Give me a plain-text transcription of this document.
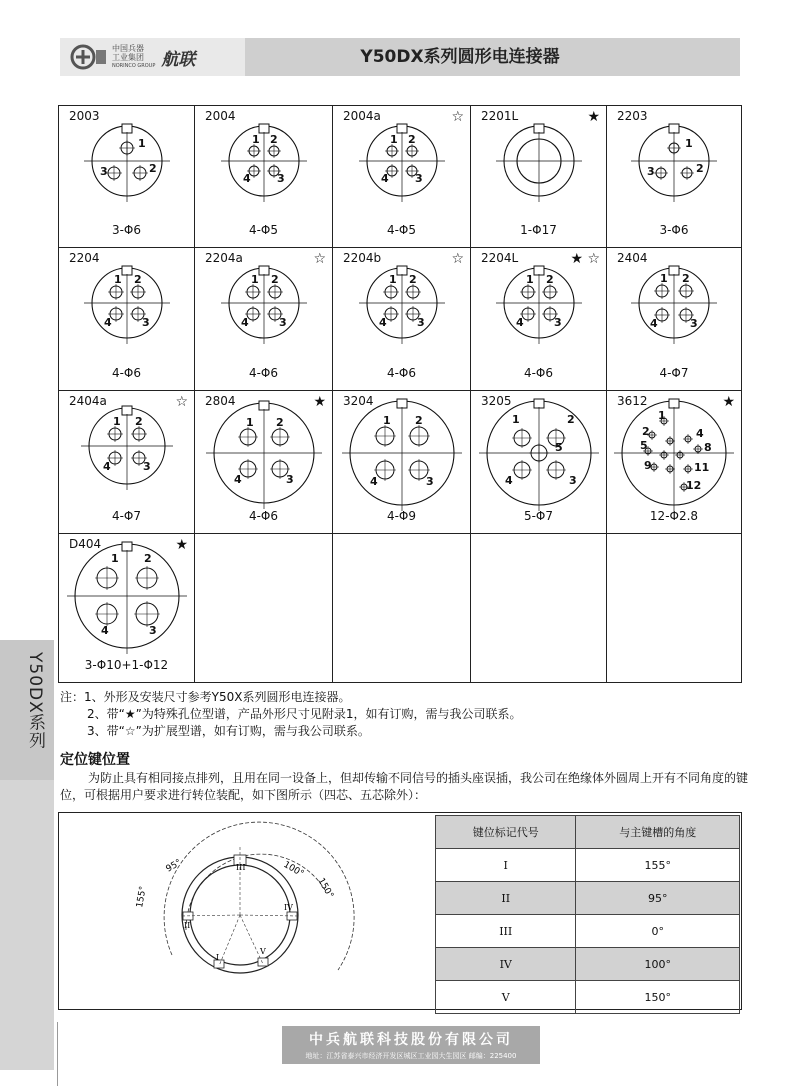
中国兵器
工业集团
NORINCO GROUP 航联	Y50DX系列圆形电连接器
Y50DX系列
2003
3-Φ6
1
3	2
2004
4-Φ5
1 2
4 3
2004a	☆
4-Φ5
1 2
4 3
2201L	★
1-Φ17
2203
3-Φ6
1
3	2
2204
4-Φ6
1 2
4	3
2204a	☆
4-Φ6
1 2
4	3
2204b	☆
4-Φ6
1 2
4	3
2204L	★ ☆
4-Φ6
1 2
4	3
2404
4-Φ7
1 2
4	3
2404a	☆
4-Φ7
1 2
4	3
2804	★
4-Φ6
1 2
4	3
3204
4-Φ9
1 2
4	3
3205
5-Φ7
1	2
5
4	3
3612	★
12-Φ2.8
1
2	4
5	8
9	11
12
D404	★
3-Φ10+1-Φ12
1 2
4	3
注：1、外形及安装尺寸参考Y50X系列圆形电连接器。
2、带“★”为特殊孔位型谱，产品外形尺寸见附录1，如有订购，需与我公司联系。
3、带“☆”为扩展型谱，如有订购，需与我公司联系。
定位键位置
为防止具有相同接点排列，且用在同一设备上，但却传输不同信号的插头座误插，我公司在绝缘体外圆周上开有不同角度的键位，可根据用户要求进行转位装配，如下图所示（四芯、五芯除外）：
95°	100°
155°	150°
III
II
IV
I
V
键位标记代号	与主键槽的角度
I	155°
II	95°
III	0°
IV	100°
V	150°
中兵航联科技股份有限公司
地址：江苏省泰兴市经济开发区城区工业园大生园区 邮编：225400
